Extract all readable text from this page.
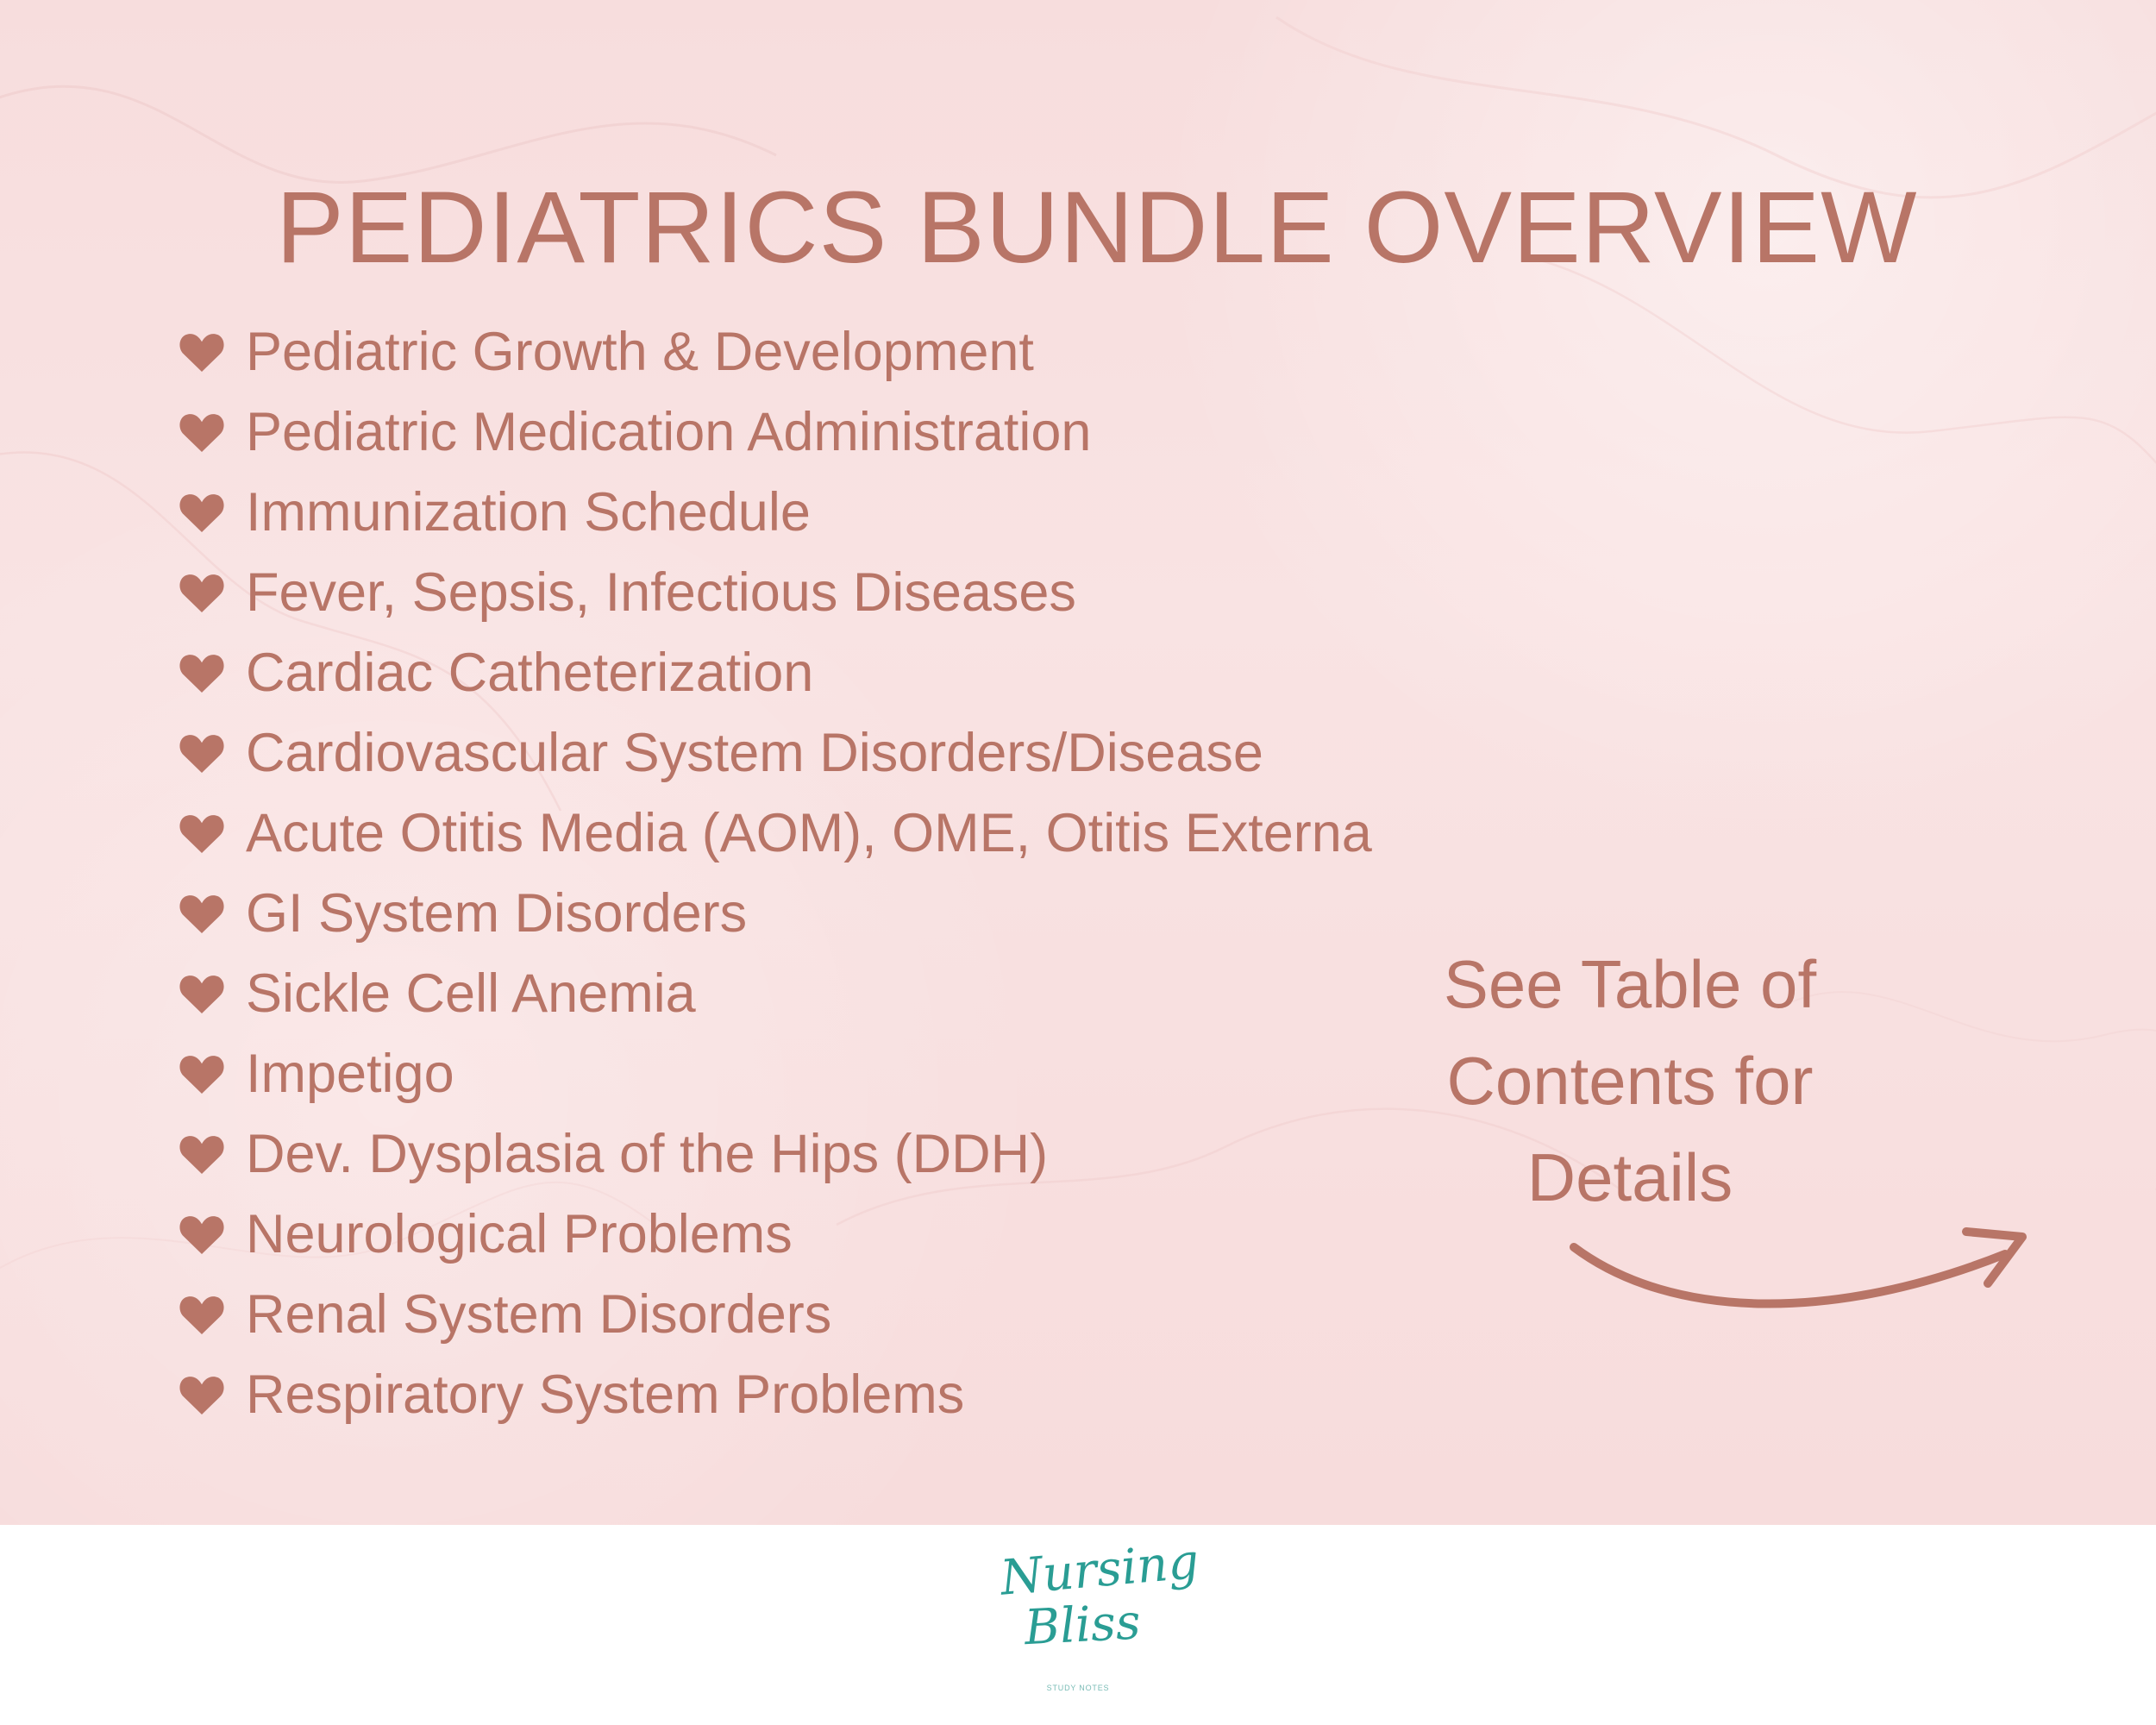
PEDIATRICS BUNDLE OVERVIEW
Pediatric Growth & Development
Pediatric Medication Administration
Immunization Schedule
Fever, Sepsis, Infectious Diseases
Cardiac Catheterization
Cardiovascular System Disorders/Disease
Acute Otitis Media (AOM), OME, Otitis Externa
GI System Disorders
Sickle Cell Anemia
Impetigo
Dev. Dysplasia of the Hips (DDH)
Neurological Problems
Renal System Disorders
Respiratory System Problems
See Table of
Contents for
Details
Nursing
Bliss
STUDY NOTES
